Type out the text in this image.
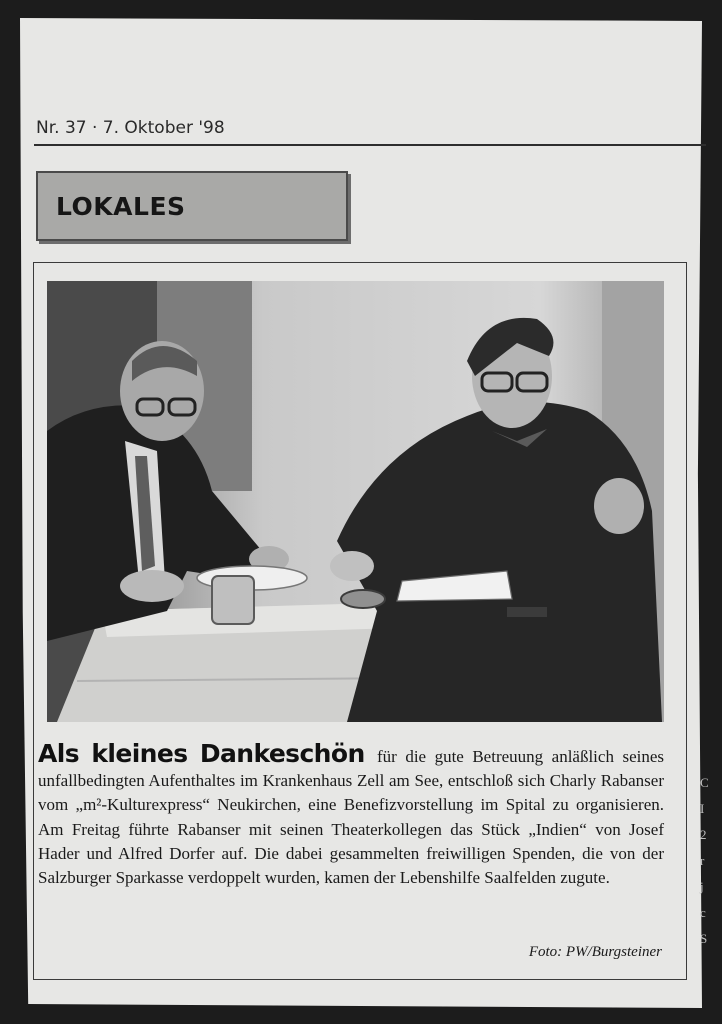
Nr. 37 · 7. Oktober '98
LOKALES
Als kleines Dankeschön für die gute Betreuung anläßlich seines unfallbedingten Aufenthaltes im Krankenhaus Zell am See, entschloß sich Charly Rabanser vom „m²-Kulturexpress“ Neukirchen, eine Benefizvorstellung im Spital zu organisieren. Am Freitag führte Rabanser mit seinen Theaterkollegen das Stück „Indien“ von Josef Hader und Alfred Dorfer auf. Die dabei gesammelten freiwilligen Spenden, die von der Salzburger Sparkasse verdoppelt wurden, kamen der Lebenshilfe Saalfelden zugute.
Foto: PW/Burgsteiner
C
I
2
r
j
c
S
